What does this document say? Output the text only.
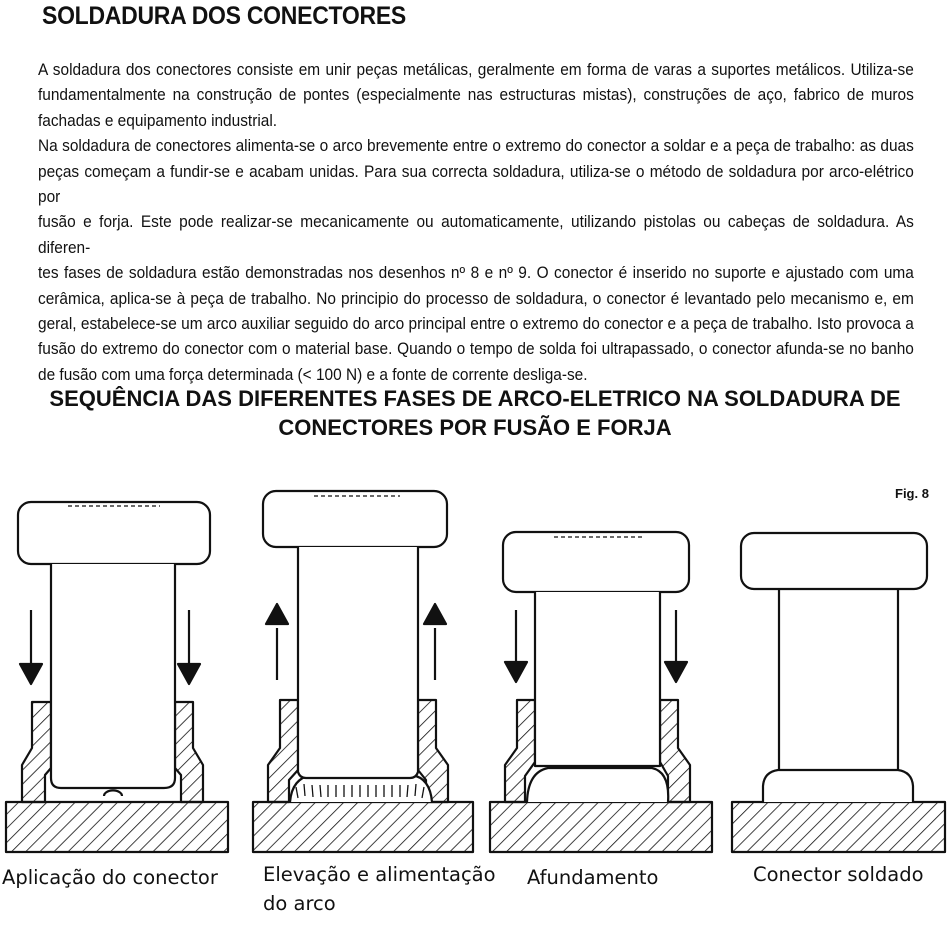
SOLDADURA DOS CONECTORES

A soldadura dos conectores consiste em unir peças metálicas, geralmente em forma de varas a suportes metálicos. Utiliza-se

fundamentalmente na construção de pontes (especialmente nas estructuras mistas), construções de aço, fabrico de muros

fachadas e equipamento industrial.

Na soldadura de conectores alimenta-se o arco brevemente entre o extremo do conector a soldar e a peça de trabalho: as duas

peças começam a fundir-se e acabam unidas. Para sua correcta soldadura, utiliza-se o método de soldadura por arco-elétrico por

fusão e forja. Este pode realizar-se mecanicamente ou automaticamente, utilizando pistolas ou cabeças de soldadura. As diferen-

tes fases de soldadura estão demonstradas nos desenhos nº 8 e nº 9. O conector é inserido no suporte e ajustado com uma

cerâmica, aplica-se à peça de trabalho. No principio do processo de soldadura, o conector é levantado pelo mecanismo e, em

geral, estabelece-se um arco auxiliar seguido do arco principal entre o extremo do conector e a peça de trabalho. Isto provoca a

fusão do extremo do conector com o material base. Quando o tempo de solda foi ultrapassado, o conector afunda-se no banho

de fusão com uma força determinada (< 100 N) e a fonte de corrente desliga-se.

SEQUÊNCIA DAS DIFERENTES FASES DE ARCO-ELETRICO NA SOLDADURA DE
CONECTORES POR FUSÃO E FORJA
Fig. 8
Aplicação do conector Elevação e alimentação
do arco
Afundamento	Conector soldado
